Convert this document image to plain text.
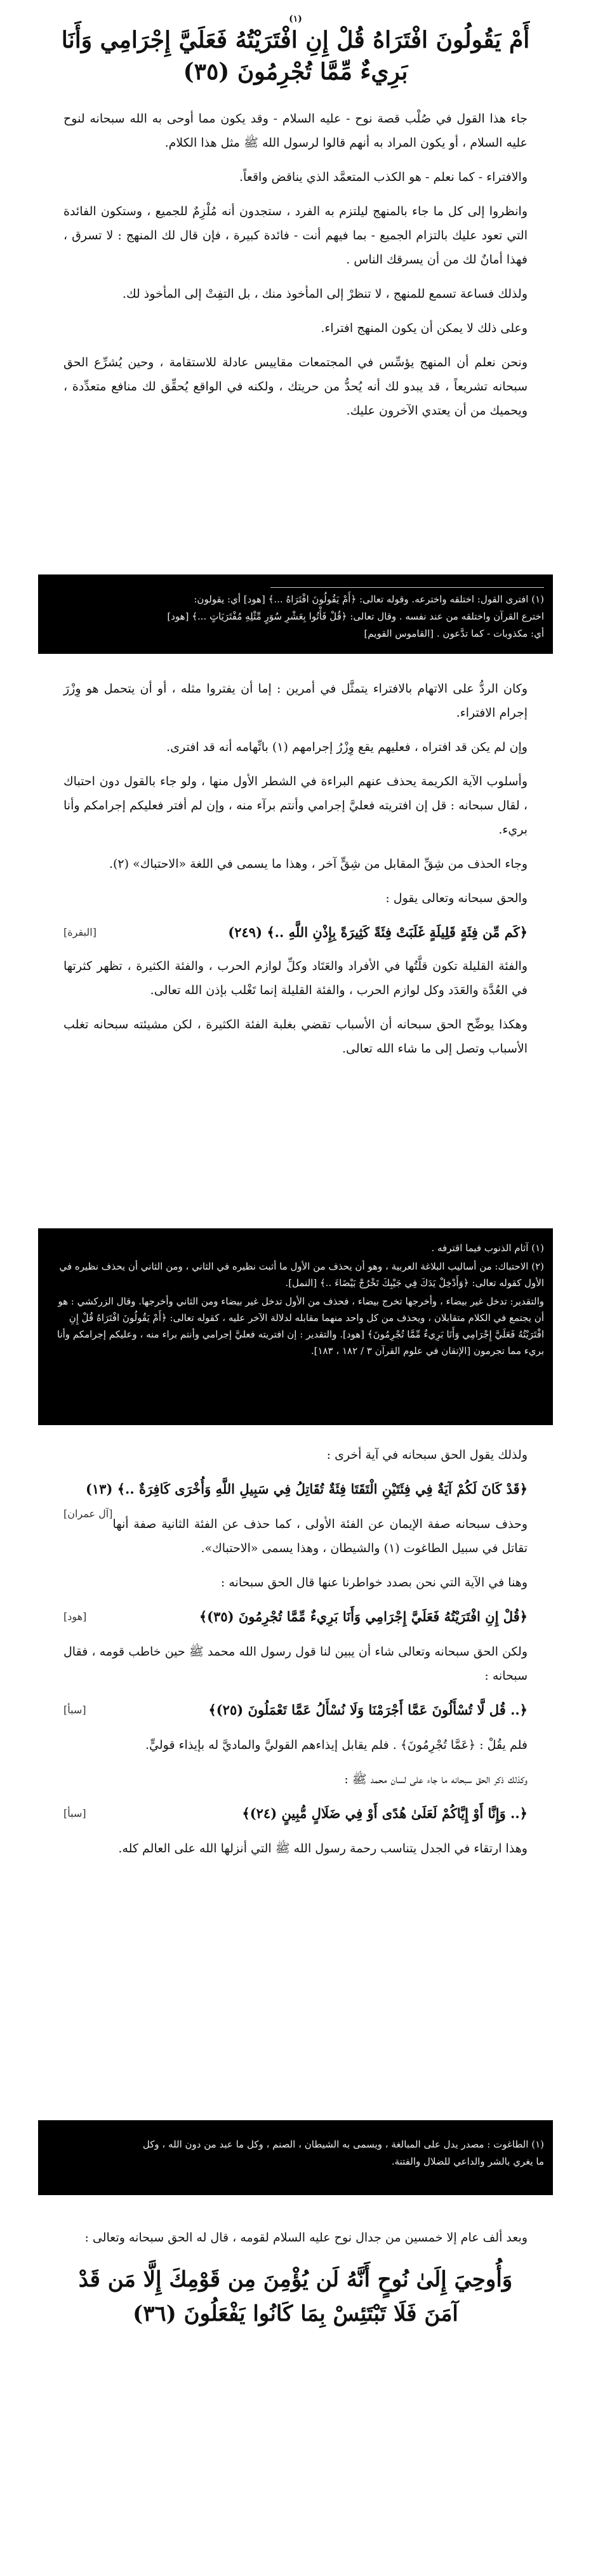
(١)
أَمْ يَقُولُونَ افْتَرَاهُ قُلْ إِنِ افْتَرَيْتُهُ فَعَلَيَّ إِجْرَامِي وَأَنَا بَرِيءٌ مِّمَّا تُجْرِمُونَ (٣٥)

جاء هذا القول في صُلْب قصة نوح - عليه السلام - وقد يكون مما أوحى به الله سبحانه لنوح عليه السلام ، أو يكون المراد به أنهم قالوا لرسول الله ﷺ مثل هذا الكلام.

والافتراء - كما نعلم - هو الكذب المتعمَّد الذي يناقض واقعاً.

وانظروا إلى كل ما جاء بالمنهج ليلتزم به الفرد ، ستجدون أنه مُلْزِمٌ للجميع ، وستكون الفائدة التي تعود عليك بالتزام الجميع - بما فيهم أنت - فائدة كبيرة ، فإن قال لك المنهج : لا تسرق ، فهذا أمانٌ لك من أن يسرقك الناس .

ولذلك فساعة تسمع للمنهج ، لا تنظرْ إلى المأخوذ منك ، بل التفِتْ إلى المأخوذ لك.

وعلى ذلك لا يمكن أن يكون المنهج افتراء.

ونحن نعلم أن المنهج يؤسِّس في المجتمعات مقاييس عادلة للاستقامة ، وحين يُشرِّع الحق سبحانه تشريعاً ، قد يبدو لك أنه يُحدُّ من حريتك ، ولكنه في الواقع يُحقِّق لك منافع متعدِّدة ، ويحميك من أن يعتدي الآخرون عليك.

(١) افترى القول: اختلقه واخترعه. وقوله تعالى: ﴿أَمْ يَقُولُونَ افْتَرَاهُ ...﴾ [هود] أي: يقولون:

اخترع القرآن واختلقه من عند نفسه . وقال تعالى: ﴿قُلْ فَأْتُوا بِعَشْرِ سُوَرٍ مِّثْلِهِ مُفْتَرَيَاتٍ ...﴾ [هود]

أي: مكذوبات - كما تدَّعون . [القاموس القويم]

وكان الردُّ على الاتهام بالافتراء يتمثَّل في أمرين : إما أن يفتروا مثله ، أو أن يتحمل هو وِزْرَ إجرام الافتراء.

وإن لم يكن قد افتراه ، فعليهم يقع وِزْرُ إجرامهم (١) باتِّهامه أنه قد افترى.

وأسلوب الآية الكريمة يحذف عنهم البراءة في الشطر الأول منها ، ولو جاء بالقول دون احتباك ، لقال سبحانه : قل إن افتريته فعليَّ إجرامي وأنتم برآء منه ، وإن لم أفتر فعليكم إجرامكم وأنا بريء.

وجاء الحذف من شِقِّ المقابل من شِقٍّ آخر ، وهذا ما يسمى في اللغة «الاحتباك» (٢).

والحق سبحانه وتعالى يقول :

﴿كَم مِّن فِئَةٍ قَلِيلَةٍ غَلَبَتْ فِئَةً كَثِيرَةً بِإِذْنِ اللَّهِ ..﴾ (٢٤٩)
[البقرة]

والفئة القليلة تكون قلَّتُها في الأفراد والعَتَاد وكلِّ لوازم الحرب ، والفئة الكثيرة ، تظهر كثرتها في العُدَّة والعَدَد وكل لوازم الحرب ، والفئة القليلة إنما تَغْلب بإذن الله تعالى.

وهكذا يوضِّح الحق سبحانه أن الأسباب تقضي بغلبة الفئة الكثيرة ، لكن مشيئته سبحانه تغلب الأسباب وتصل إلى ما شاء الله تعالى.

(١) آثام الذنوب فيما اقترفه .

(٢) الاحتباك: من أساليب البلاغة العربية ، وهو أن يحذف من الأول ما أثبت نظيره في الثاني ، ومن الثاني أن يحذف نظيره في الأول كقوله تعالى: ﴿وَأَدْخِلْ يَدَكَ فِي جَيْبِكَ تَخْرُجْ بَيْضَاءَ ..﴾ [النمل].

والتقدير: تدخل غير بيضاء ، وأخرجها تخرج بيضاء ، فحذف من الأول تدخل غير بيضاء ومن الثاني وأخرجها. وقال الزركشي : هو أن يجتمع في الكلام متقابلان ، ويحذف من كل واحد منهما مقابله لدلالة الآخر عليه ، كقوله تعالى: ﴿أَمْ يَقُولُونَ افْتَرَاهُ قُلْ إِنِ افْتَرَيْتُهُ فَعَلَيَّ إِجْرَامِي وَأَنَا بَرِيءٌ مِّمَّا تُجْرِمُونَ﴾ [هود]. والتقدير : إن افتريته فعليَّ إجرامي وأنتم براء منه ، وعليكم إجرامكم وأنا بريء مما تجرمون [الإتقان في علوم القرآن ٣ / ١٨٢ ، ١٨٣].

ولذلك يقول الحق سبحانه في آية أخرى :

﴿قَدْ كَانَ لَكُمْ آيَةٌ فِي فِئَتَيْنِ الْتَقَتَا فِئَةٌ تُقَاتِلُ فِي سَبِيلِ اللَّهِ وَأُخْرَى كَافِرَةٌ ..﴾ (١٣)
[آل عمران]

وحذف سبحانه صفة الإيمان عن الفئة الأولى ، كما حذف عن الفئة الثانية صفة أنها تقاتل في سبيل الطاغوت (١) والشيطان ، وهذا يسمى «الاحتباك».

وهنا في الآية التي نحن بصدد خواطرنا عنها قال الحق سبحانه :

﴿قُلْ إِنِ افْتَرَيْتُهُ فَعَلَيَّ إِجْرَامِي وَأَنَا بَرِيءٌ مِّمَّا تُجْرِمُونَ (٣٥)﴾
[هود]

ولكن الحق سبحانه وتعالى شاء أن يبين لنا قول رسول الله محمد ﷺ حين خاطب قومه ، فقال سبحانه :

﴿.. قُل لَّا تُسْأَلُونَ عَمَّا أَجْرَمْنَا وَلَا نُسْأَلُ عَمَّا تَعْمَلُونَ (٢٥)﴾
[سبأ]

فلم يقُلْ : ﴿عَمَّا تُجْرِمُونَ﴾ . فلم يقابل إيذاءهم القوليَّ والماديَّ له بإيذاء قوليٍّ.

وكذلك ذكر الحق سبحانه ما جاء على لسان محمد ﷺ :

﴿.. وَإِنَّا أَوْ إِيَّاكُمْ لَعَلَىٰ هُدًى أَوْ فِي ضَلَالٍ مُّبِينٍ (٢٤)﴾
[سبأ]

وهذا ارتقاء في الجدل يتناسب رحمة رسول الله ﷺ التي أنزلها الله على العالم كله.

(١) الطاغوت : مصدر يدل على المبالغة ، ويسمى به الشيطان ، الصنم ، وكل ما عبد من دون الله ، وكل

ما يغري بالشر والداعي للضلال والفتنة.

وبعد ألف عام إلا خمسين من جدال نوح عليه السلام لقومه ، قال له الحق سبحانه وتعالى :

وَأُوحِيَ إِلَىٰ نُوحٍ أَنَّهُ لَن يُؤْمِنَ مِن قَوْمِكَ إِلَّا مَن قَدْ آمَنَ فَلَا تَبْتَئِسْ بِمَا كَانُوا يَفْعَلُونَ (٣٦)
